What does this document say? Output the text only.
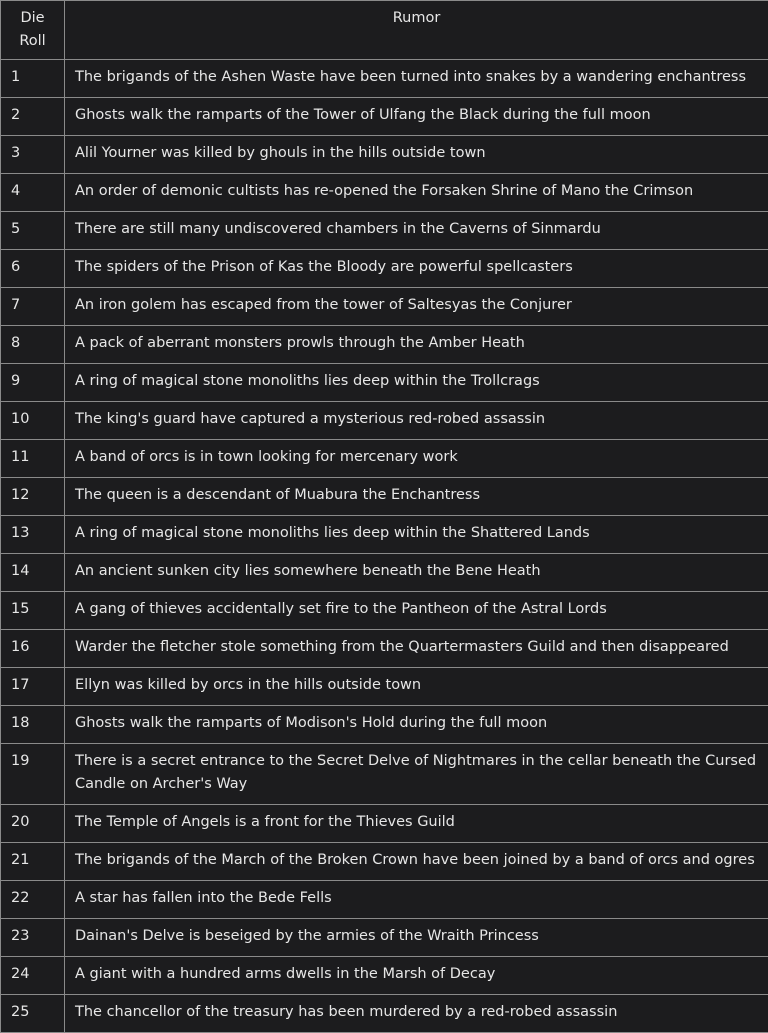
Die Roll	Rumor
1	The brigands of the Ashen Waste have been turned into snakes by a wandering enchantress
2	Ghosts walk the ramparts of the Tower of Ulfang the Black during the full moon
3	Alil Yourner was killed by ghouls in the hills outside town
4	An order of demonic cultists has re-opened the Forsaken Shrine of Mano the Crimson
5	There are still many undiscovered chambers in the Caverns of Sinmardu
6	The spiders of the Prison of Kas the Bloody are powerful spellcasters
7	An iron golem has escaped from the tower of Saltesyas the Conjurer
8	A pack of aberrant monsters prowls through the Amber Heath
9	A ring of magical stone monoliths lies deep within the Trollcrags
10	The king's guard have captured a mysterious red-robed assassin
11	A band of orcs is in town looking for mercenary work
12	The queen is a descendant of Muabura the Enchantress
13	A ring of magical stone monoliths lies deep within the Shattered Lands
14	An ancient sunken city lies somewhere beneath the Bene Heath
15	A gang of thieves accidentally set fire to the Pantheon of the Astral Lords
16	Warder the fletcher stole something from the Quartermasters Guild and then disappeared
17	Ellyn was killed by orcs in the hills outside town
18	Ghosts walk the ramparts of Modison's Hold during the full moon
19	There is a secret entrance to the Secret Delve of Nightmares in the cellar beneath the Cursed Candle on Archer's Way
20	The Temple of Angels is a front for the Thieves Guild
21	The brigands of the March of the Broken Crown have been joined by a band of orcs and ogres
22	A star has fallen into the Bede Fells
23	Dainan's Delve is beseiged by the armies of the Wraith Princess
24	A giant with a hundred arms dwells in the Marsh of Decay
25	The chancellor of the treasury has been murdered by a red-robed assassin
